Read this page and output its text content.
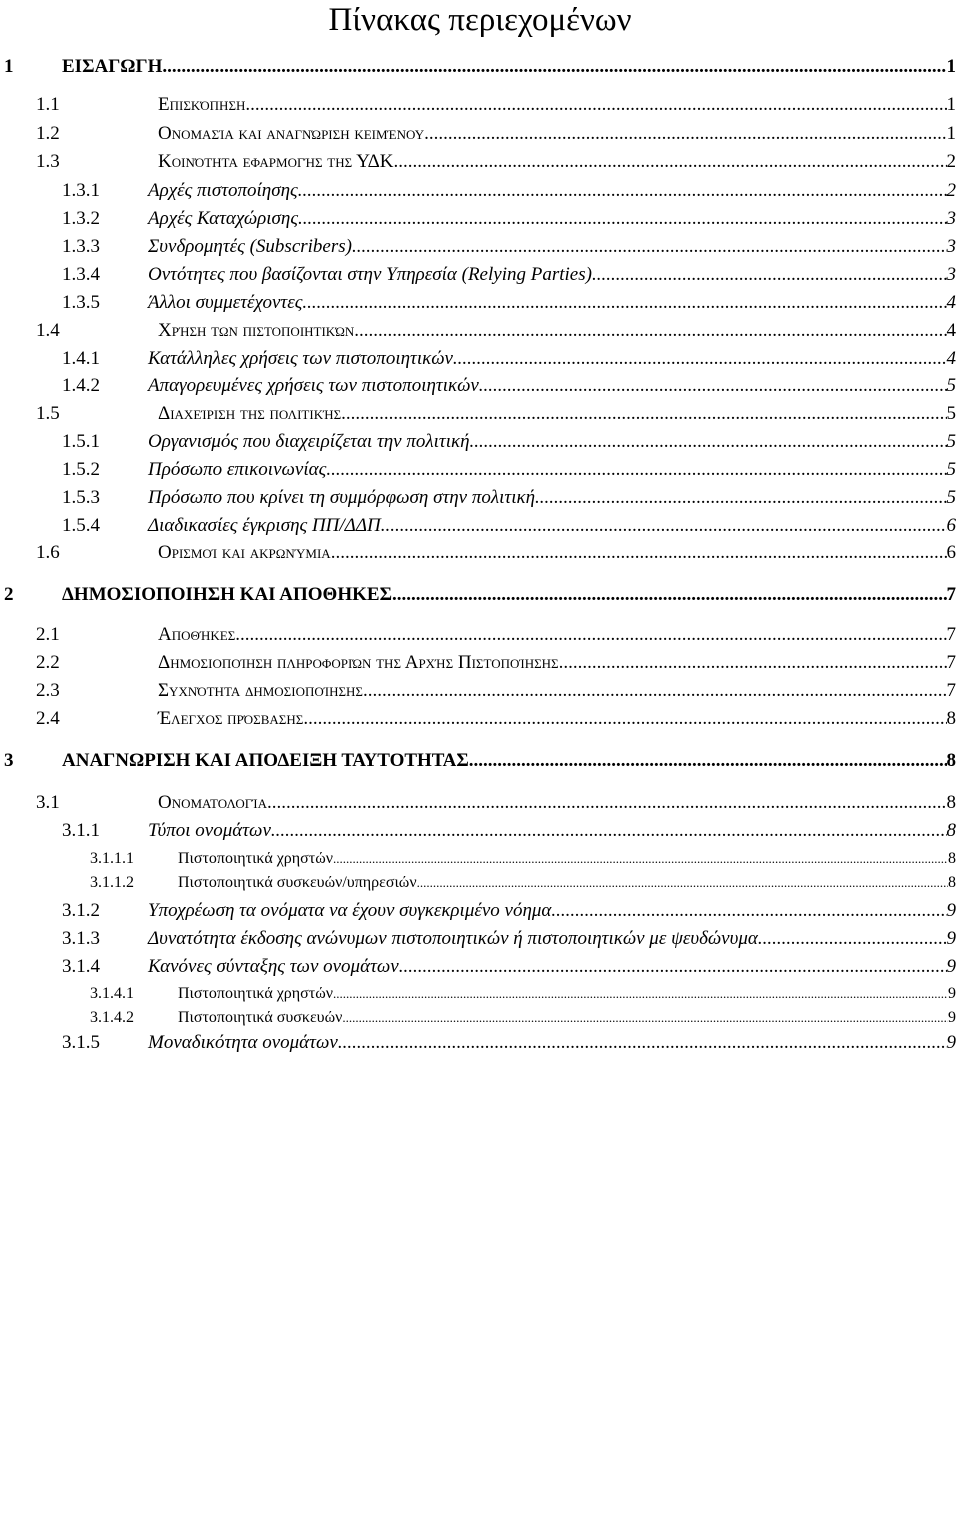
Πίνακας περιεχομένων
1	ΕΙΣΑΓΩΓΗ .....	1
1.1	Επισκόπηση .....	1
1.2	Ονομασία και αναγνώριση κειμένου .....	1
1.3	Κοινότητα εφαρμογής της ΥΔΚ .....	2
1.3.1	Αρχές πιστοποίησης .....	2
1.3.2	Αρχές Καταχώρισης .....	3
1.3.3	Συνδρομητές (Subscribers) .....	3
1.3.4	Οντότητες που βασίζονται στην Υπηρεσία (Relying Parties) .....	3
1.3.5	Άλλοι συμμετέχοντες .....	4
1.4	Χρήση των πιστοποιητικών .....	4
1.4.1	Κατάλληλες χρήσεις των πιστοποιητικών .....	4
1.4.2	Απαγορευμένες χρήσεις των πιστοποιητικών .....	5
1.5	Διαχείριση της πολιτικής .....	5
1.5.1	Οργανισμός που διαχειρίζεται την πολιτική .....	5
1.5.2	Πρόσωπο επικοινωνίας .....	5
1.5.3	Πρόσωπο που κρίνει τη συμμόρφωση στην πολιτική .....	5
1.5.4	Διαδικασίες έγκρισης ΠΠ/ΔΔΠ .....	6
1.6	Ορισμοί και ακρωνύμια .....	6
2	ΔΗΜΟΣΙΟΠΟΙΗΣΗ ΚΑΙ ΑΠΟΘΗΚΕΣ .....	7
2.1	Αποθήκες .....	7
2.2	Δημοσιοποίηση πληροφοριών της Αρχής Πιστοποίησης .....	7
2.3	Συχνότητα δημοσιοποίησης .....	7
2.4	Έλεγχος πρόσβασης .....	8
3	ΑΝΑΓΝΩΡΙΣΗ ΚΑΙ ΑΠΟΔΕΙΞΗ ΤΑΥΤΟΤΗΤΑΣ .....	8
3.1	Ονοματολογία .....	8
3.1.1	Τύποι ονομάτων .....	8
3.1.1.1	Πιστοποιητικά χρηστών .....	8
3.1.1.2	Πιστοποιητικά συσκευών/υπηρεσιών .....	8
3.1.2	Υποχρέωση τα ονόματα να έχουν συγκεκριμένο νόημα .....	9
3.1.3	Δυνατότητα έκδοσης ανώνυμων πιστοποιητικών ή πιστοποιητικών με ψευδώνυμα .....	9
3.1.4	Κανόνες σύνταξης των ονομάτων .....	9
3.1.4.1	Πιστοποιητικά χρηστών .....	9
3.1.4.2	Πιστοποιητικά συσκευών .....	9
3.1.5	Μοναδικότητα ονομάτων .....	9
